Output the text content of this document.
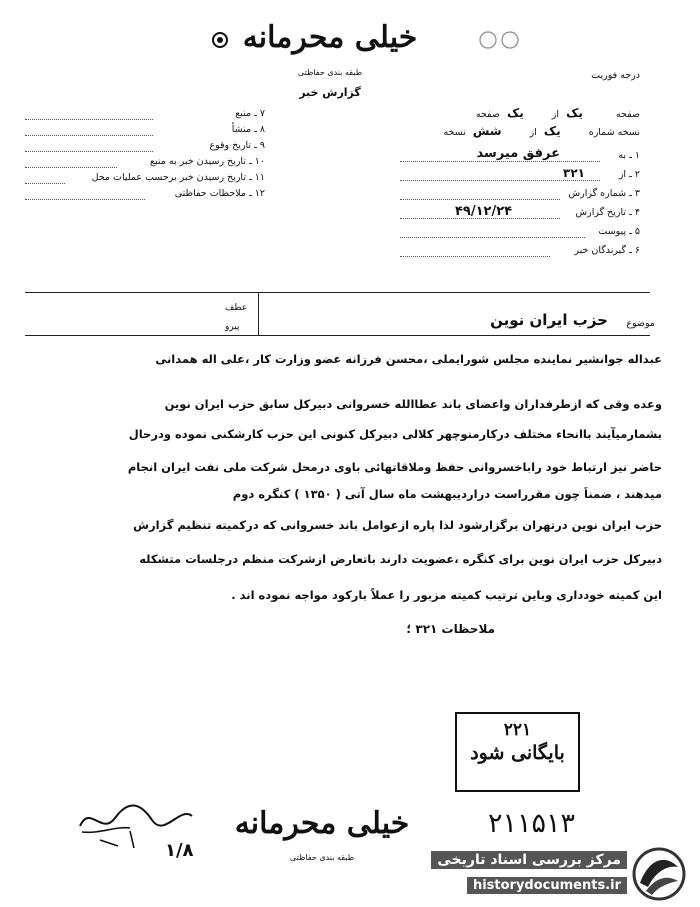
خیلی محرمانه
طبقه بندی حفاظتی	درجه فوریت
گزارش خبر
۷ ـ منبع
۸ ـ منشأ
۹ ـ تاریخ وقوع
۱۰ ـ تاریخ رسیدن خبر به منبع
۱۱ ـ تاریخ رسیدن خبر برحسب عملیات محل
۱۲ ـ ملاحظات حفاظتی
صفحه یک از یک صفحه
نسخه شماره یک از شش نسخه
۱ ـ به
عرفق میرسد
۲ ـ از
۳۲۱
۳ ـ شماره گزارش
۴ ـ تاریخ گزارش
۴۹/۱۲/۲۴
۵ ـ پیوست
۶ ـ گیرندگان خبر
موضوع
حزب ایران نوین
عطف
پیرو
عبداله جوانشیر نماینده مجلس شورایملی ،محسن فرزانه عضو وزارت کار ،علی اله همدانی
وعده وقی که ازطرفداران واعضای باند عطاالله خسروانی دبیرکل سابق حزب ایران نوین
بشمارمیآیند باانحاء مختلف درکارمنوچهر کلالی دبیرکل کنونی این حزب کارشکنی نموده ودرحال
حاضر نیز ارتباط خود راباخسروانی حفظ وملاقاتهائی باوی درمحل شرکت ملی نفت ایران انجام
میدهند ، ضمناً چون مقرراست دراردیبهشت ماه سال آتی ( ۱۳۵۰ ) کنگره دوم
حزب ایران نوین درتهران برگزارشود لذا پاره ازعوامل باند خسروانی که درکمیته تنظیم گزارش
دبیرکل حزب ایران نوین برای کنگره ،عضویت دارند باتعارض ازشرکت منظم درجلسات متشکله
این کمیته خودداری وباین ترتیب کمیته مزبور را عملاً بارکود مواجه نموده اند .
ملاحظات ۳۲۱ ؛
۲۲۱
بایگانی شود
۲۱۱۵۱۳
۱/۸
خیلی محرمانه
طبقه بندی حفاظتی	مرکز بررسی اسناد تاریخی
historydocuments.ir
